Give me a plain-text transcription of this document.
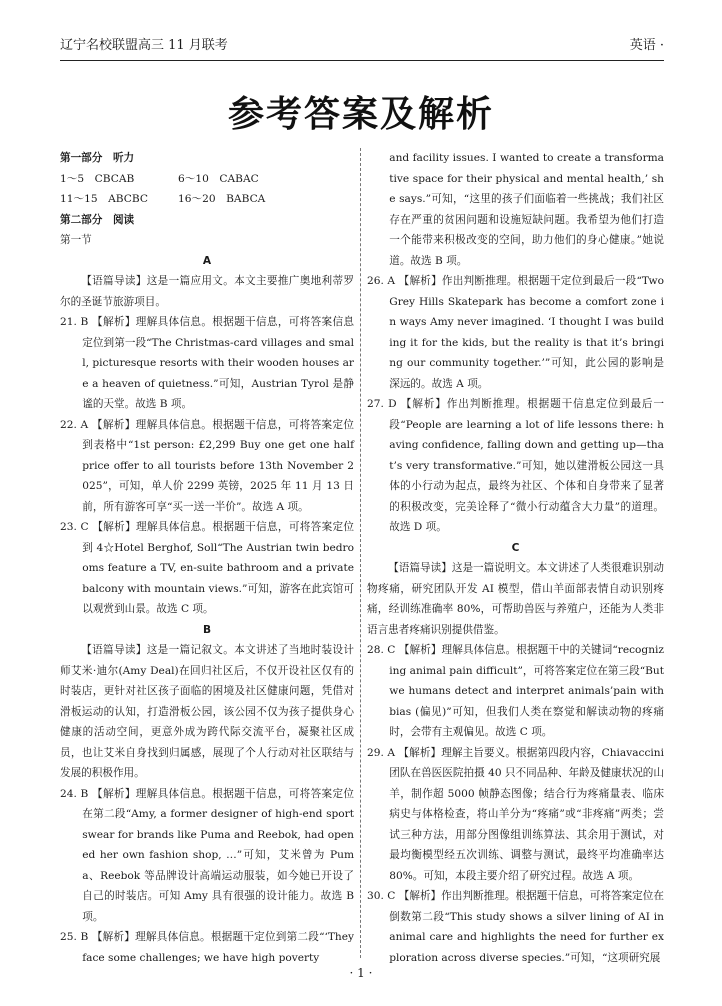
辽宁名校联盟高三 11 月联考	英语 ·
参考答案及解析

第一部分　听力

1～5　CBCAB	6～10　CABAC
11～15　ABCBC	16～20　BABCA

第二部分　阅读

第一节

A

【语篇导读】这是一篇应用文。本文主要推广奥地利蒂罗尔的圣诞节旅游项目。

21. B 【解析】理解具体信息。根据题干信息，可将答案信息定位到第一段“The Christmas-card villages and small, picturesque resorts with their wooden houses are a heaven of quietness.”可知，Austrian Tyrol 是静谧的天堂。故选 B 项。

22. A 【解析】理解具体信息。根据题干信息，可将答案定位到表格中“1st person: £2,299 Buy one get one half price offer to all tourists before 13th November 2025”，可知，单人价 2299 英镑，2025 年 11 月 13 日前，所有游客可享“买一送一半价”。故选 A 项。

23. C 【解析】理解具体信息。根据题干信息，可将答案定位到 4☆Hotel Berghof, Soll“The Austrian twin bedrooms feature a TV, en-suite bathroom and a private balcony with mountain views.”可知，游客在此宾馆可以观赏到山景。故选 C 项。

B

【语篇导读】这是一篇记叙文。本文讲述了当地时装设计师艾米·迪尔(Amy Deal)在回归社区后，不仅开设社区仅有的时装店，更针对社区孩子面临的困境及社区健康问题，凭借对滑板运动的认知，打造滑板公园，该公园不仅为孩子提供身心健康的活动空间，更意外成为跨代际交流平台，凝聚社区成员，也让艾米自身找到归属感，展现了个人行动对社区联结与发展的积极作用。

24. B 【解析】理解具体信息。根据题干信息，可将答案定位在第二段“Amy, a former designer of high-end sportswear for brands like Puma and Reebok, had opened her own fashion shop, …”可知，艾米曾为 Puma、Reebok 等品牌设计高端运动服装，如今她已开设了自己的时装店。可知 Amy 具有很强的设计能力。故选 B 项。

25. B 【解析】理解具体信息。根据题干定位到第二段“‘They face some challenges; we have high poverty

and facility issues. I wanted to create a transformative space for their physical and mental health,’ she says.”可知，“这里的孩子们面临着一些挑战；我们社区存在严重的贫困问题和设施短缺问题。我希望为他们打造一个能带来积极改变的空间，助力他们的身心健康。”她说道。故选 B 项。

26. A 【解析】作出判断推理。根据题干定位到最后一段“Two Grey Hills Skatepark has become a comfort zone in ways Amy never imagined. ‘I thought I was building it for the kids, but the reality is that it’s bringing our community together.’”可知，此公园的影响是深远的。故选 A 项。

27. D 【解析】作出判断推理。根据题干信息定位到最后一段“People are learning a lot of life lessons there: having confidence, falling down and getting up—that’s very transformative.”可知，她以建滑板公园这一具体的小行动为起点，最终为社区、个体和自身带来了显著的积极改变，完美诠释了“微小行动蕴含大力量”的道理。故选 D 项。

C

【语篇导读】这是一篇说明文。本文讲述了人类很难识别动物疼痛，研究团队开发 AI 模型，借山羊面部表情自动识别疼痛，经训练准确率 80%，可帮助兽医与养殖户，还能为人类非语言患者疼痛识别提供借鉴。

28. C 【解析】理解具体信息。根据题干中的关键词“recognizing animal pain difficult”，可将答案定位在第三段“But we humans detect and interpret animals’pain with bias (偏见)”可知，但我们人类在察觉和解读动物的疼痛时，会带有主观偏见。故选 C 项。

29. A 【解析】理解主旨要义。根据第四段内容，Chiavaccini 团队在兽医医院拍摄 40 只不同品种、年龄及健康状况的山羊，制作超 5000 帧静态图像；结合行为疼痛量表、临床病史与体格检查，将山羊分为“疼痛”或“非疼痛”两类；尝试三种方法，用部分图像组训练算法、其余用于测试，对最均衡模型经五次训练、调整与测试，最终平均准确率达 80%。可知，本段主要介绍了研究过程。故选 A 项。

30. C 【解析】作出判断推理。根据题干信息，可将答案定位在倒数第二段“This study shows a silver lining of AI in animal care and highlights the need for further exploration across diverse species.”可知，“这项研究展

· 1 ·
